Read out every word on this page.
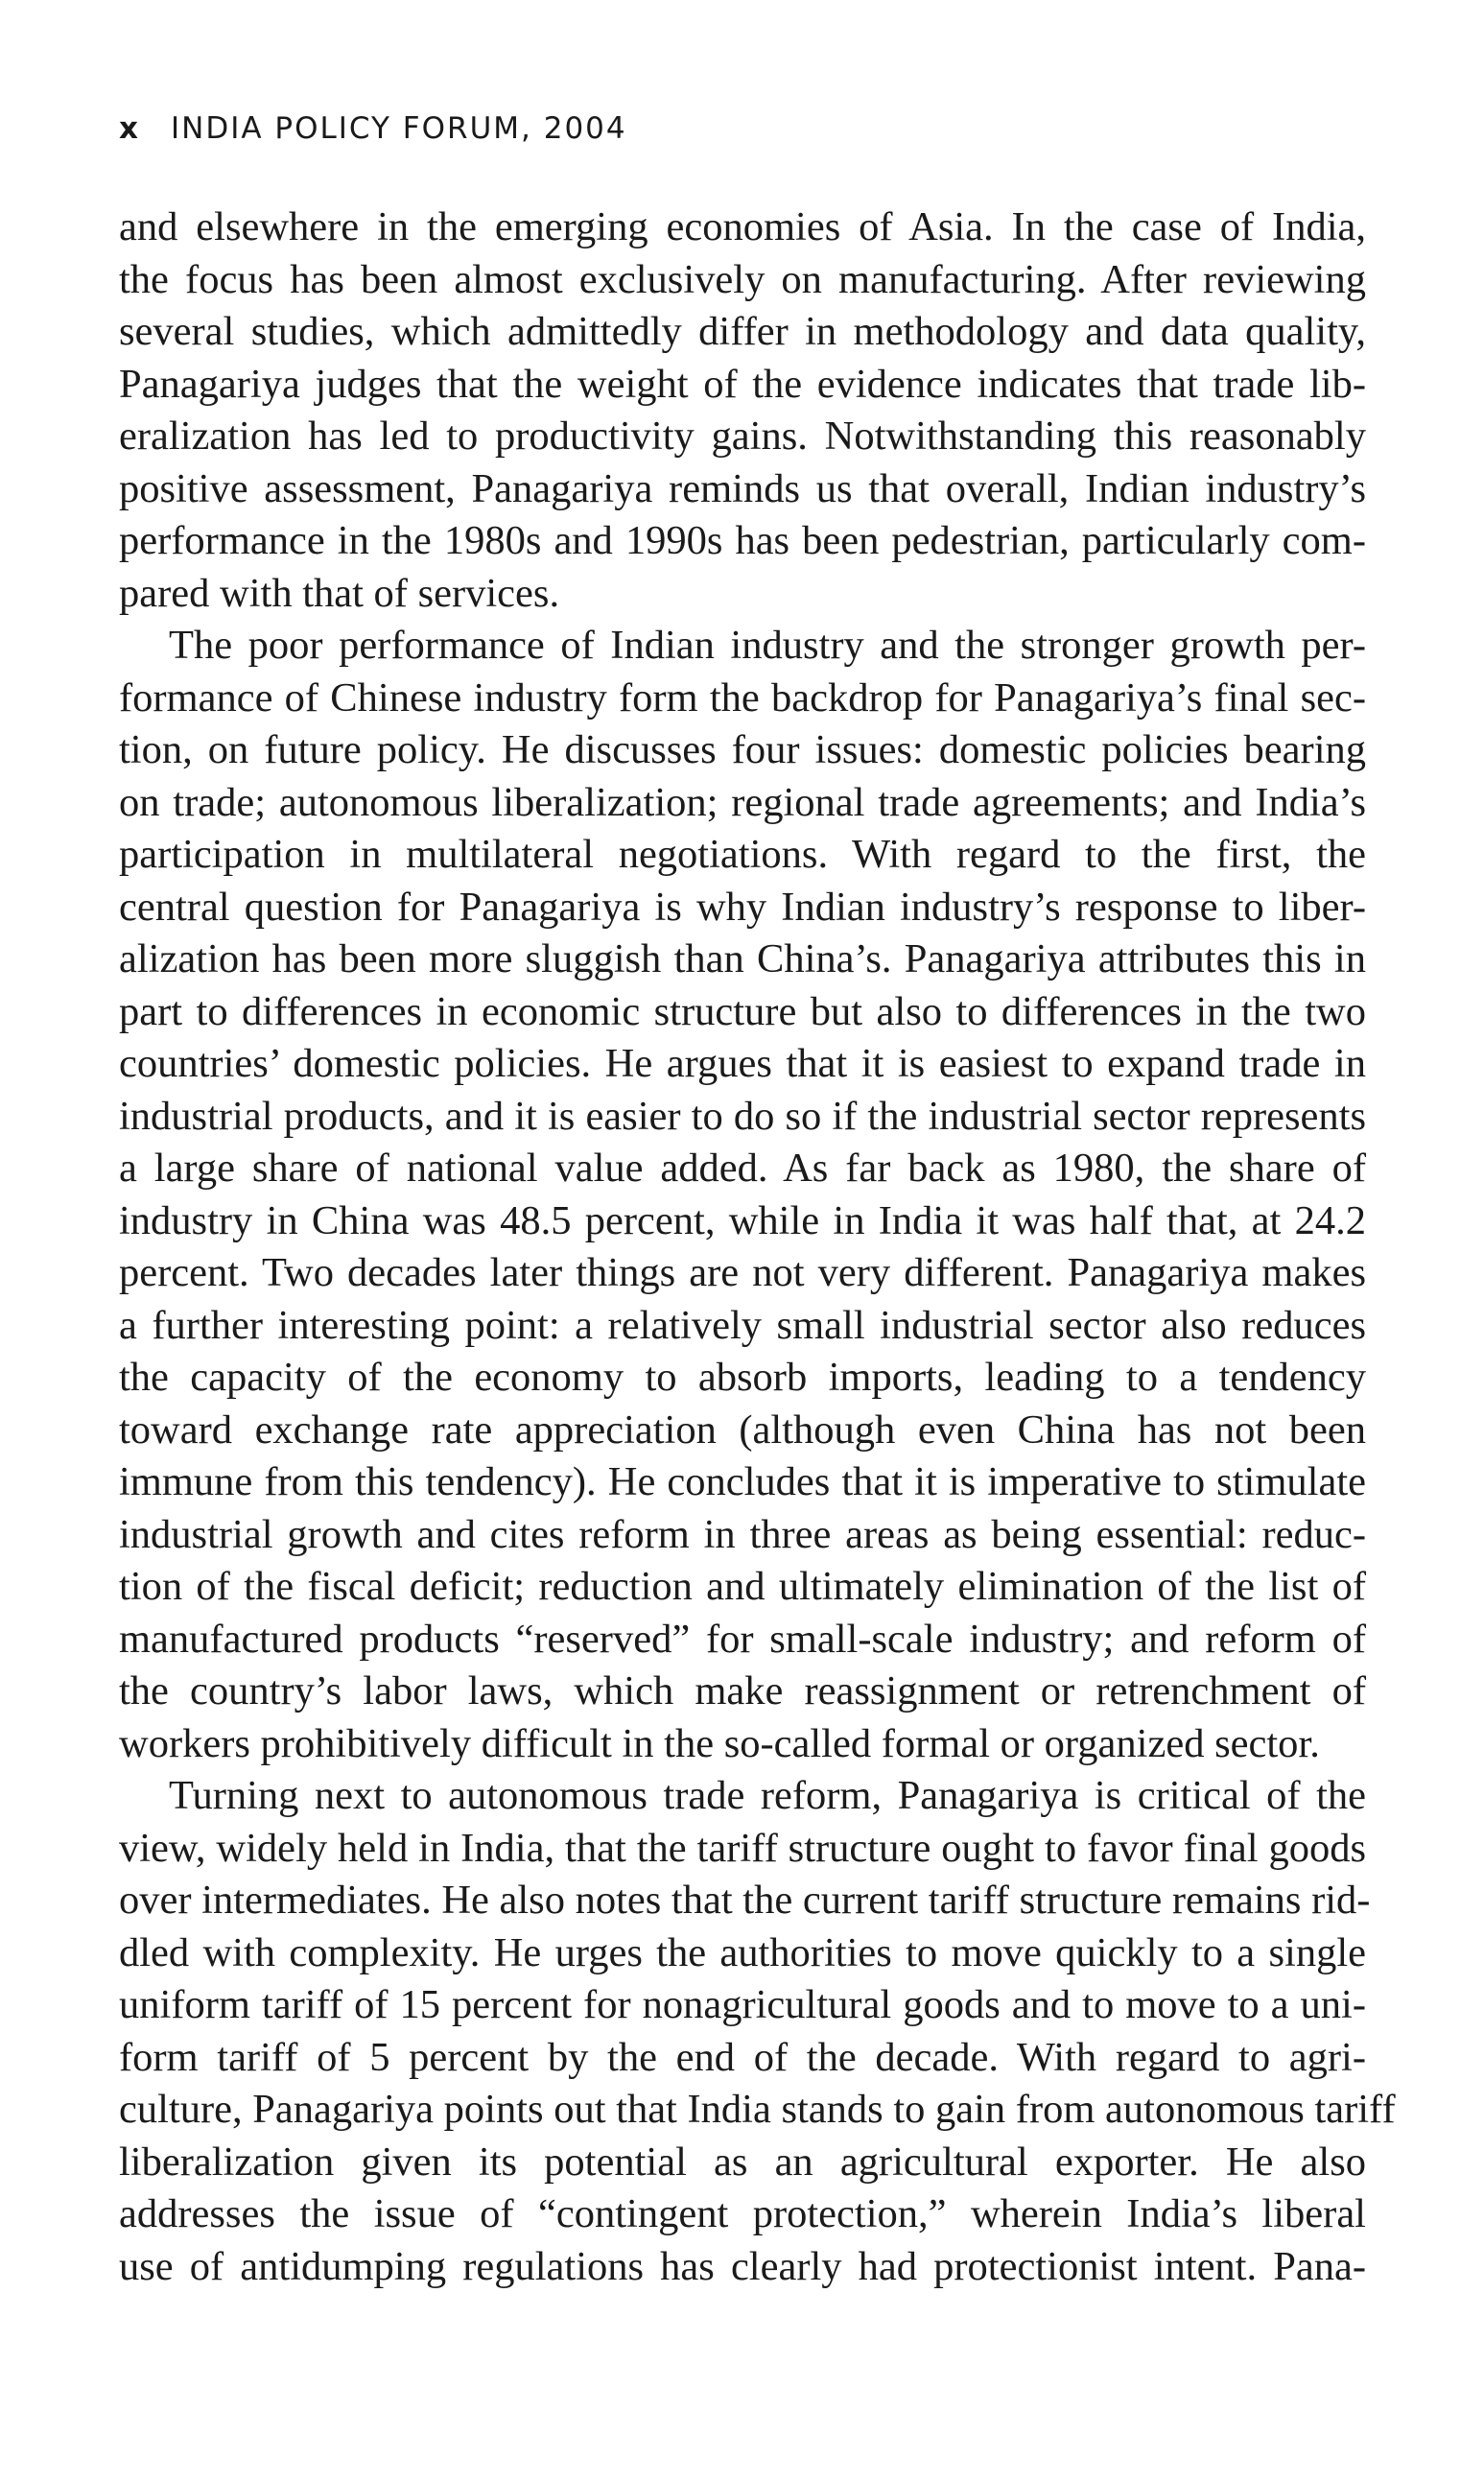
x INDIA POLICY FORUM, 2004
and elsewhere in the emerging economies of Asia. In the case of India,
the focus has been almost exclusively on manufacturing. After reviewing
several studies, which admittedly differ in methodology and data quality,
Panagariya judges that the weight of the evidence indicates that trade lib-
eralization has led to productivity gains. Notwithstanding this reasonably
positive assessment, Panagariya reminds us that overall, Indian industry’s
performance in the 1980s and 1990s has been pedestrian, particularly com-
pared with that of services.
The poor performance of Indian industry and the stronger growth per-
formance of Chinese industry form the backdrop for Panagariya’s final sec-
tion, on future policy. He discusses four issues: domestic policies bearing
on trade; autonomous liberalization; regional trade agreements; and India’s
participation in multilateral negotiations. With regard to the first, the
central question for Panagariya is why Indian industry’s response to liber-
alization has been more sluggish than China’s. Panagariya attributes this in
part to differences in economic structure but also to differences in the two
countries’ domestic policies. He argues that it is easiest to expand trade in
industrial products, and it is easier to do so if the industrial sector represents
a large share of national value added. As far back as 1980, the share of
industry in China was 48.5 percent, while in India it was half that, at 24.2
percent. Two decades later things are not very different. Panagariya makes
a further interesting point: a relatively small industrial sector also reduces
the capacity of the economy to absorb imports, leading to a tendency
toward exchange rate appreciation (although even China has not been
immune from this tendency). He concludes that it is imperative to stimulate
industrial growth and cites reform in three areas as being essential: reduc-
tion of the fiscal deficit; reduction and ultimately elimination of the list of
manufactured products “reserved” for small-scale industry; and reform of
the country’s labor laws, which make reassignment or retrenchment of
workers prohibitively difficult in the so-called formal or organized sector.
Turning next to autonomous trade reform, Panagariya is critical of the
view, widely held in India, that the tariff structure ought to favor final goods
over intermediates. He also notes that the current tariff structure remains rid-
dled with complexity. He urges the authorities to move quickly to a single
uniform tariff of 15 percent for nonagricultural goods and to move to a uni-
form tariff of 5 percent by the end of the decade. With regard to agri-
culture, Panagariya points out that India stands to gain from autonomous tariff
liberalization given its potential as an agricultural exporter. He also
addresses the issue of “contingent protection,” wherein India’s liberal
use of antidumping regulations has clearly had protectionist intent. Pana-
